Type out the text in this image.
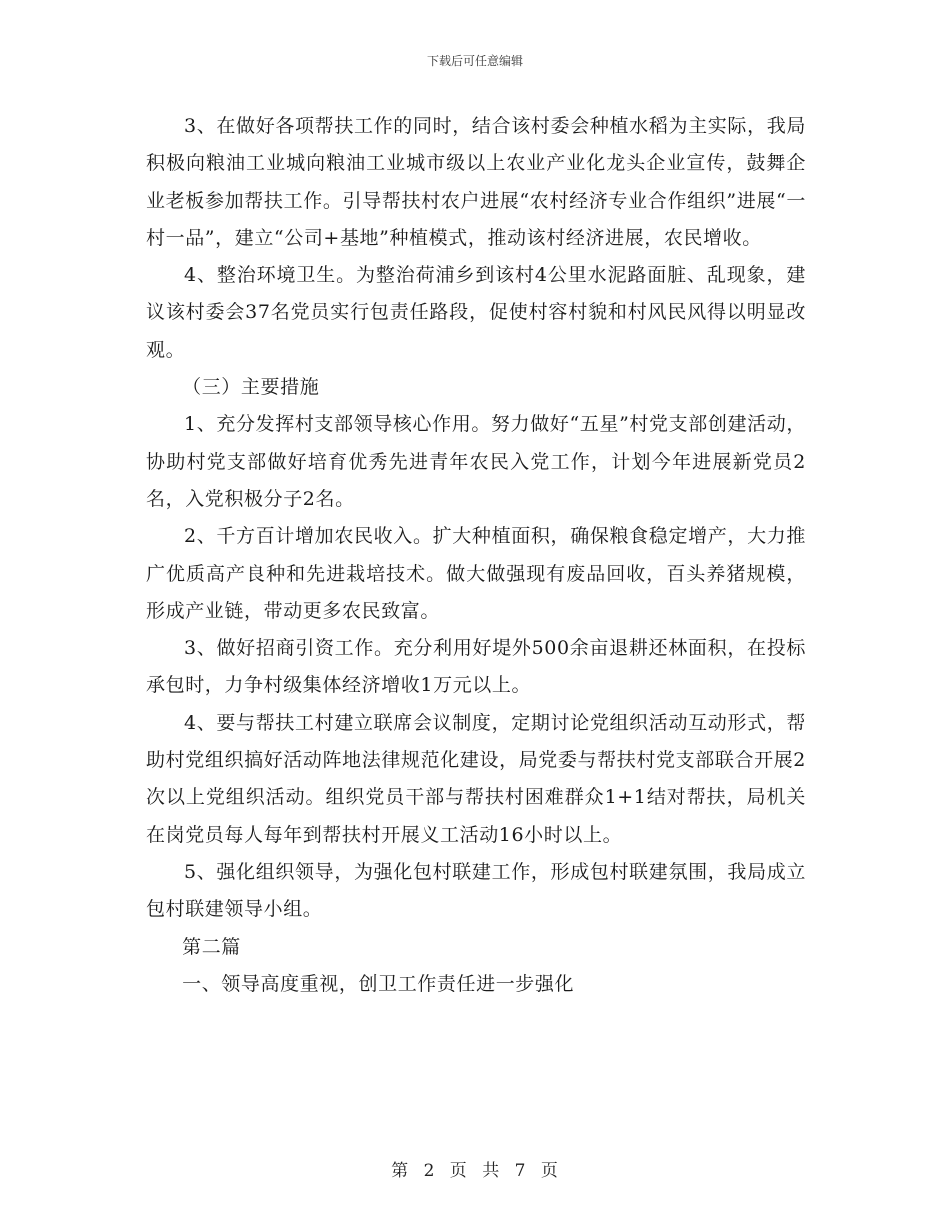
下载后可任意编辑

3、在做好各项帮扶工作的同时，结合该村委会种植水稻为主实际，我局积极向粮油工业城向粮油工业城市级以上农业产业化龙头企业宣传，鼓舞企业老板参加帮扶工作。引导帮扶村农户进展“农村经济专业合作组织”进展“一村一品”，建立“公司+基地”种植模式，推动该村经济进展，农民增收。

4、整治环境卫生。为整治荷浦乡到该村4公里水泥路面脏、乱现象，建议该村委会37名党员实行包责任路段，促使村容村貌和村风民风得以明显改观。

（三）主要措施

1、充分发挥村支部领导核心作用。努力做好“五星”村党支部创建活动，协助村党支部做好培育优秀先进青年农民入党工作，计划今年进展新党员2名，入党积极分子2名。

2、千方百计增加农民收入。扩大种植面积，确保粮食稳定增产，大力推广优质高产良种和先进栽培技术。做大做强现有废品回收，百头养猪规模，形成产业链，带动更多农民致富。

3、做好招商引资工作。充分利用好堤外500余亩退耕还林面积，在投标承包时，力争村级集体经济增收1万元以上。

4、要与帮扶工村建立联席会议制度，定期讨论党组织活动互动形式，帮助村党组织搞好活动阵地法律规范化建设，局党委与帮扶村党支部联合开展2次以上党组织活动。组织党员干部与帮扶村困难群众1+1结对帮扶，局机关在岗党员每人每年到帮扶村开展义工活动16小时以上。

5、强化组织领导，为强化包村联建工作，形成包村联建氛围，我局成立包村联建领导小组。

第二篇

一、领导高度重视，创卫工作责任进一步强化

第 2 页 共 7 页
